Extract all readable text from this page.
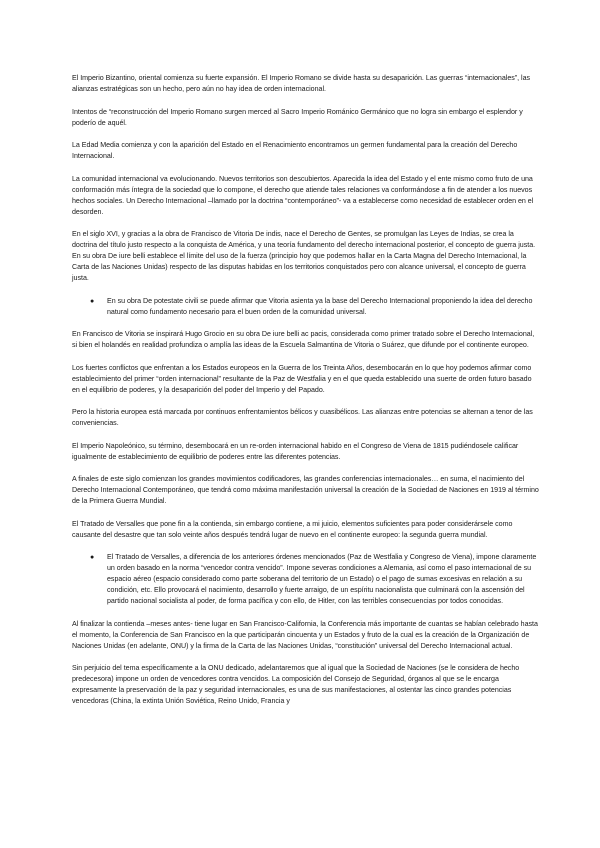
El Imperio Bizantino, oriental comienza su fuerte expansión. El Imperio Romano se divide hasta su desaparición. Las guerras “internacionales”, las alianzas estratégicas son un hecho, pero aún no hay idea de orden internacional.

Intentos de “reconstrucción del Imperio Romano surgen merced al Sacro Imperio Románico Germánico que no logra sin embargo el esplendor y poderío de aquél.

La Edad Media comienza y con la aparición del Estado en el Renacimiento encontramos un germen fundamental para la creación del Derecho Internacional.

La comunidad internacional va evolucionando. Nuevos territorios son descubiertos. Aparecida la idea del Estado y el ente mismo como fruto de una conformación más íntegra de la sociedad que lo compone, el derecho que atiende tales relaciones va conformándose a fin de atender a los nuevos hechos sociales. Un Derecho Internacional –llamado por la doctrina “contemporáneo”- va a establecerse como necesidad de establecer orden en el desorden.

En el siglo XVI, y gracias a la obra de Francisco de Vitoria De indis, nace el Derecho de Gentes, se promulgan las Leyes de Indias, se crea la doctrina del título justo respecto a la conquista de América, y una teoría fundamento del derecho internacional posterior, el concepto de guerra justa. En su obra De iure belli establece el límite del uso de la fuerza (principio hoy que podemos hallar en la Carta Magna del Derecho Internacional, la Carta de las Naciones Unidas) respecto de las disputas habidas en los territorios conquistados pero con alcance universal, el concepto de guerra justa.

● En su obra De potestate civili se puede afirmar que Vitoria asienta ya la base del Derecho Internacional proponiendo la idea del derecho natural como fundamento necesario para el buen orden de la comunidad universal.

En Francisco de Vitoria se inspirará Hugo Grocio en su obra De iure belli ac pacis, considerada como primer tratado sobre el Derecho Internacional, si bien el holandés en realidad profundiza o amplía las ideas de la Escuela Salmantina de Vitoria o Suárez, que difunde por el continente europeo.

Los fuertes conflictos que enfrentan a los Estados europeos en la Guerra de los Treinta Años, desembocarán en lo que hoy podemos afirmar como establecimiento del primer “orden internacional” resultante de la Paz de Westfalia y en el que queda establecido una suerte de orden futuro basado en el equilibrio de poderes, y la desaparición del poder del Imperio y del Papado.

Pero la historia europea está marcada por continuos enfrentamientos bélicos y cuasibélicos. Las alianzas entre potencias se alternan a tenor de las conveniencias.

El Imperio Napoleónico, su término, desembocará en un re-orden internacional habido en el Congreso de Viena de 1815 pudiéndosele calificar igualmente de establecimiento de equilibrio de poderes entre las diferentes potencias.

A finales de este siglo comienzan los grandes movimientos codificadores, las grandes conferencias internacionales… en suma, el nacimiento del Derecho Internacional Contemporáneo, que tendrá como máxima manifestación universal la creación de la Sociedad de Naciones en 1919 al término de la Primera Guerra Mundial.

El Tratado de Versalles que pone fin a la contienda, sin embargo contiene, a mi juicio, elementos suficientes para poder considerársele como causante del desastre que tan solo veinte años después tendrá lugar de nuevo en el continente europeo: la segunda guerra mundial.

● El Tratado de Versalles, a diferencia de los anteriores órdenes mencionados (Paz de Westfalia y Congreso de Viena), impone claramente un orden basado en la norma “vencedor contra vencido”. Impone severas condiciones a Alemania, así como el paso internacional de su espacio aéreo (espacio considerado como parte soberana del territorio de un Estado) o el pago de sumas excesivas en relación a su condición, etc. Ello provocará el nacimiento, desarrollo y fuerte arraigo, de un espíritu nacionalista que culminará con la ascensión del partido nacional socialista al poder, de forma pacífica y con ello, de Hitler, con las terribles consecuencias por todos conocidas.

Al finalizar la contienda –meses antes- tiene lugar en San Francisco-California, la Conferencia más importante de cuantas se habían celebrado hasta el momento, la Conferencia de San Francisco en la que participarán cincuenta y un Estados y fruto de la cual es la creación de la Organización de Naciones Unidas (en adelante, ONU) y la firma de la Carta de las Naciones Unidas, “constitución” universal del Derecho Internacional actual.

Sin perjuicio del tema específicamente a la ONU dedicado, adelantaremos que al igual que la Sociedad de Naciones (se le considera de hecho predecesora) impone un orden de vencedores contra vencidos. La composición del Consejo de Seguridad, órganos al que se le encarga expresamente la preservación de la paz y seguridad internacionales, es una de sus manifestaciones, al ostentar las cinco grandes potencias vencedoras (China, la extinta Unión Soviética, Reino Unido, Francia y
